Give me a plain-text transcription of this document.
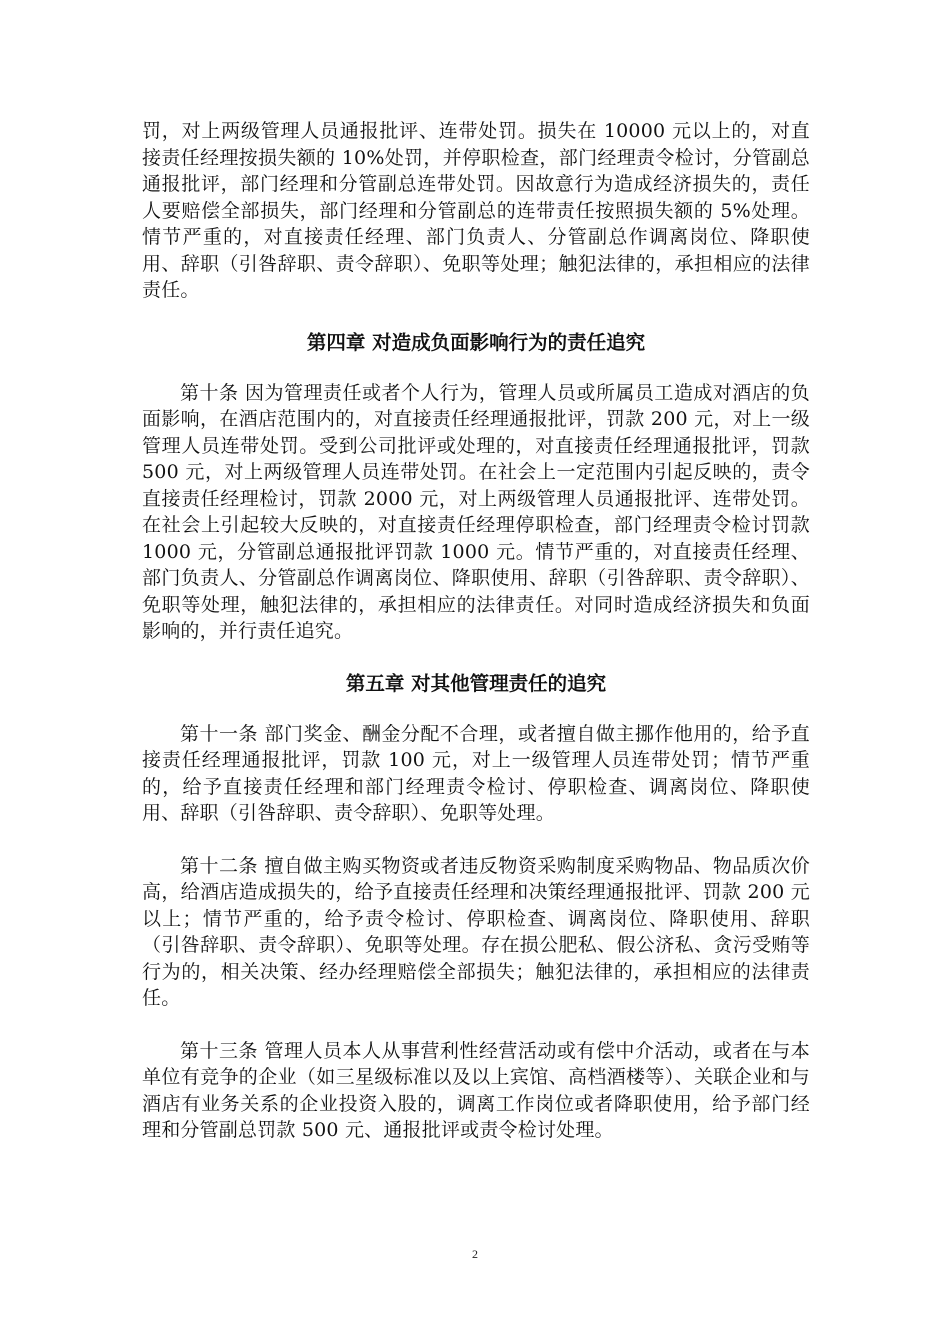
罚，对上两级管理人员通报批评、连带处罚。损失在 10000 元以上的，对直接责任经理按损失额的 10%处罚，并停职检查，部门经理责令检讨，分管副总通报批评，部门经理和分管副总连带处罚。因故意行为造成经济损失的，责任人要赔偿全部损失，部门经理和分管副总的连带责任按照损失额的 5%处理。情节严重的，对直接责任经理、部门负责人、分管副总作调离岗位、降职使用、辞职（引咎辞职、责令辞职）、免职等处理；触犯法律的，承担相应的法律责任。

第四章 对造成负面影响行为的责任追究

第十条 因为管理责任或者个人行为，管理人员或所属员工造成对酒店的负面影响，在酒店范围内的，对直接责任经理通报批评，罚款 200 元，对上一级管理人员连带处罚。受到公司批评或处理的，对直接责任经理通报批评，罚款 500 元，对上两级管理人员连带处罚。在社会上一定范围内引起反映的，责令直接责任经理检讨，罚款 2000 元，对上两级管理人员通报批评、连带处罚。在社会上引起较大反映的，对直接责任经理停职检查，部门经理责令检讨罚款 1000 元，分管副总通报批评罚款 1000 元。情节严重的，对直接责任经理、部门负责人、分管副总作调离岗位、降职使用、辞职（引咎辞职、责令辞职）、免职等处理，触犯法律的，承担相应的法律责任。对同时造成经济损失和负面影响的，并行责任追究。

第五章 对其他管理责任的追究

第十一条 部门奖金、酬金分配不合理，或者擅自做主挪作他用的，给予直接责任经理通报批评，罚款 100 元，对上一级管理人员连带处罚；情节严重的，给予直接责任经理和部门经理责令检讨、停职检查、调离岗位、降职使用、辞职（引咎辞职、责令辞职）、免职等处理。

第十二条 擅自做主购买物资或者违反物资采购制度采购物品、物品质次价高，给酒店造成损失的，给予直接责任经理和决策经理通报批评、罚款 200 元以上；情节严重的，给予责令检讨、停职检查、调离岗位、降职使用、辞职（引咎辞职、责令辞职）、免职等处理。存在损公肥私、假公济私、贪污受贿等行为的，相关决策、经办经理赔偿全部损失；触犯法律的，承担相应的法律责任。

第十三条 管理人员本人从事营利性经营活动或有偿中介活动，或者在与本单位有竞争的企业（如三星级标准以及以上宾馆、高档酒楼等）、关联企业和与酒店有业务关系的企业投资入股的，调离工作岗位或者降职使用，给予部门经理和分管副总罚款 500 元、通报批评或责令检讨处理。

2
